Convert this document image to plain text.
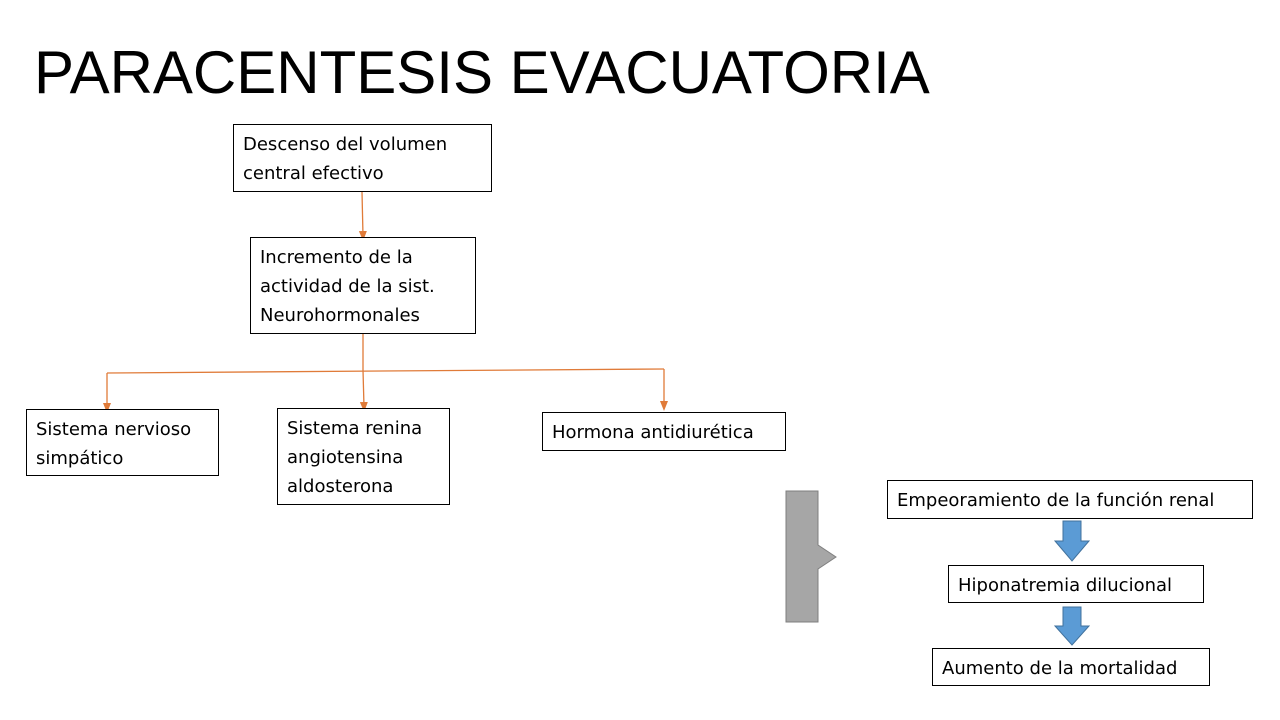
PARACENTESIS EVACUATORIA
Descenso del volumen
central efectivo
Incremento de la
actividad de la sist.
Neurohormonales
Sistema nervioso
simpático
Sistema renina
angiotensina
aldosterona
Hormona antidiurética
Empeoramiento de la función renal
Hiponatremia dilucional
Aumento de la mortalidad
